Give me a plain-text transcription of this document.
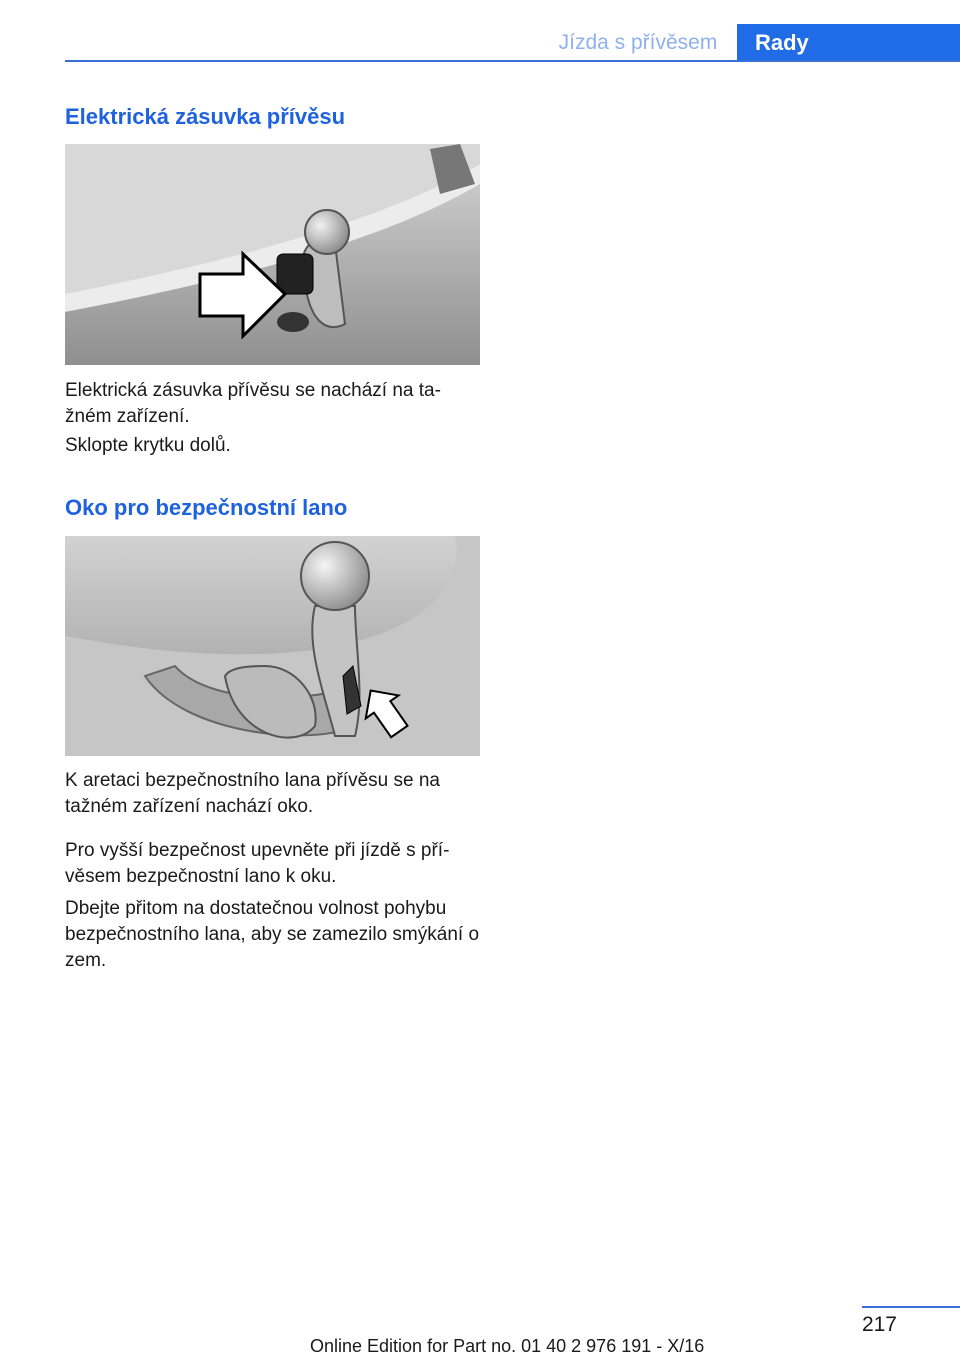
Jízda s přívěsem	Rady
Elektrická zásuvka přívěsu

Elektrická zásuvka přívěsu se nachází na ta‐ žném zařízení.

Sklopte krytku dolů.

Oko pro bezpečnostní lano

K aretaci bezpečnostního lana přívěsu se na tažném zařízení nachází oko.

Pro vyšší bezpečnost upevněte při jízdě s pří‐ věsem bezpečnostní lano k oku.

Dbejte přitom na dostatečnou volnost pohybu bezpečnostního lana, aby se zamezilo smýkání o zem.

217
Online Edition for Part no. 01 40 2 976 191 - X/16
